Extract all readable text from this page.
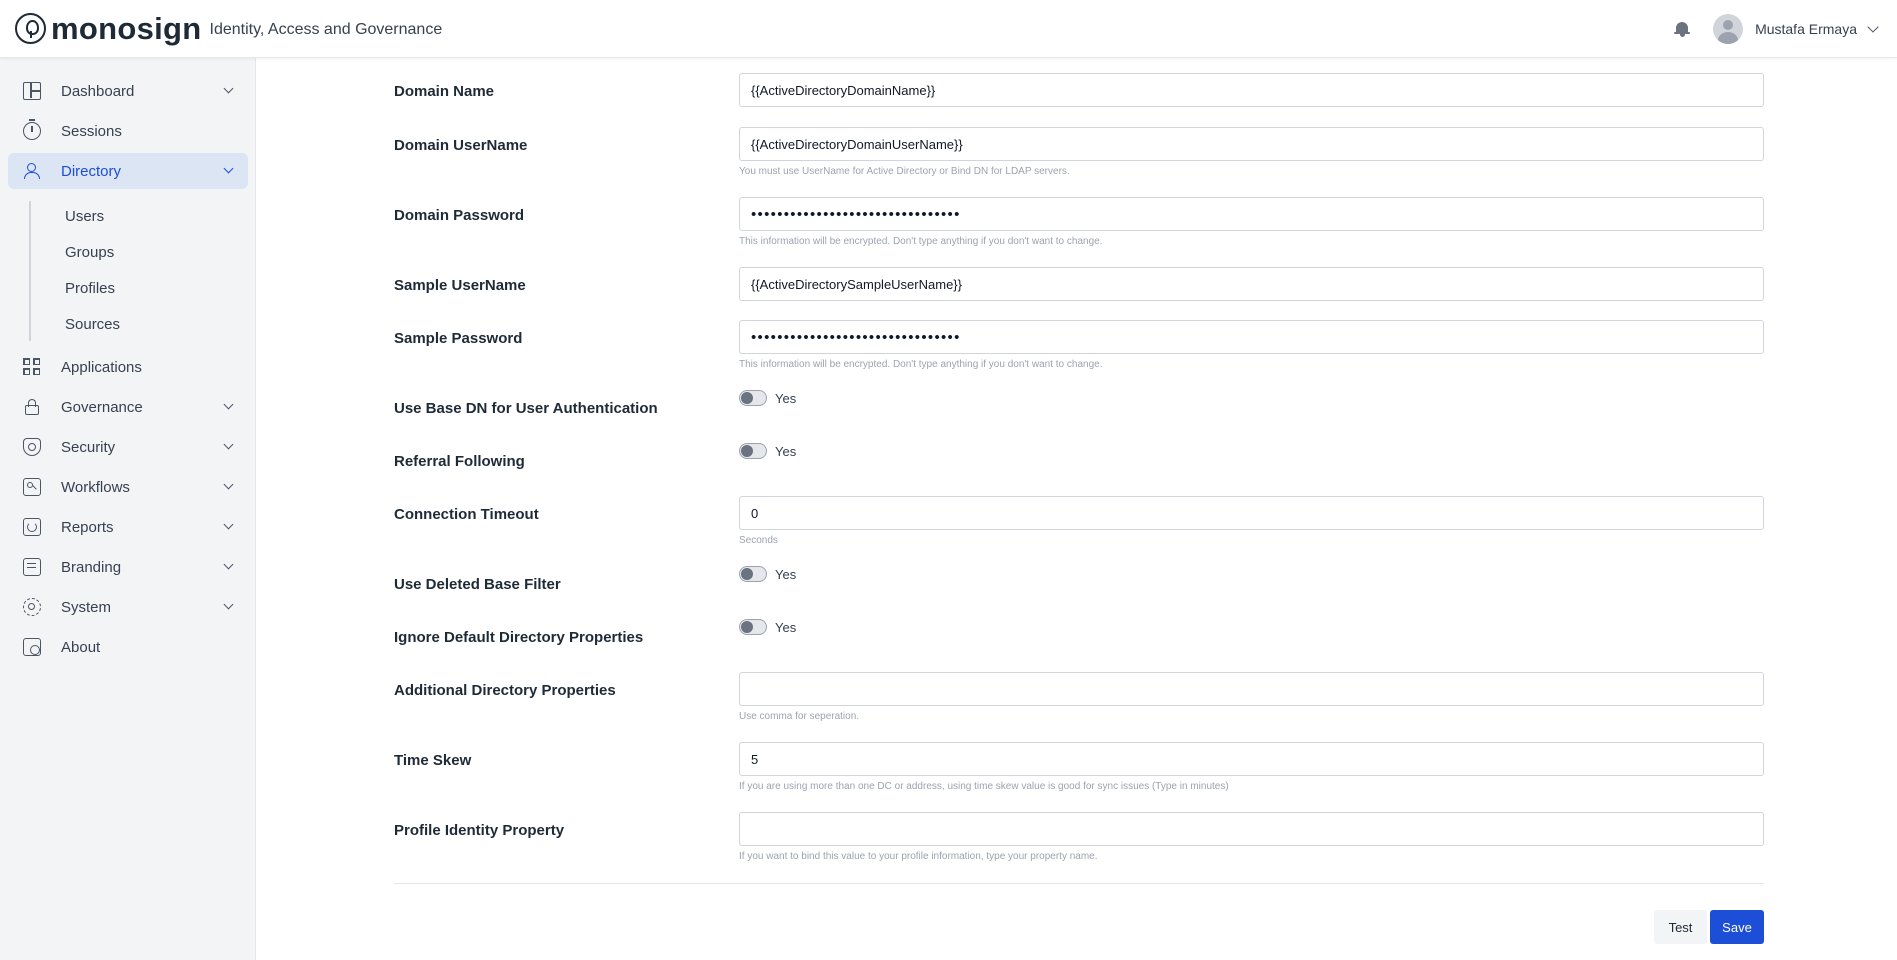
monosign Identity, Access and Governance	Mustafa Ermaya
Dashboard
Sessions
Directory
Users
Groups
Profiles
Sources
Applications
Governance
Security
Workflows
Reports
Branding
System
About
Domain Name
{{ActiveDirectoryDomainName}}
Domain UserName
{{ActiveDirectoryDomainUserName}}
You must use UserName for Active Directory or Bind DN for LDAP servers.
Domain Password
••••••••••••••••••••••••••••••••
This information will be encrypted. Don't type anything if you don't want to change.
Sample UserName
{{ActiveDirectorySampleUserName}}
Sample Password
••••••••••••••••••••••••••••••••
This information will be encrypted. Don't type anything if you don't want to change.
Use Base DN for User Authentication
Yes
Referral Following
Yes
Connection Timeout
0
Seconds
Use Deleted Base Filter
Yes
Ignore Default Directory Properties
Yes
Additional Directory Properties
Use comma for seperation.
Time Skew
5
If you are using more than one DC or address, using time skew value is good for sync issues (Type in minutes)
Profile Identity Property
If you want to bind this value to your profile information, type your property name.
Test	Save
